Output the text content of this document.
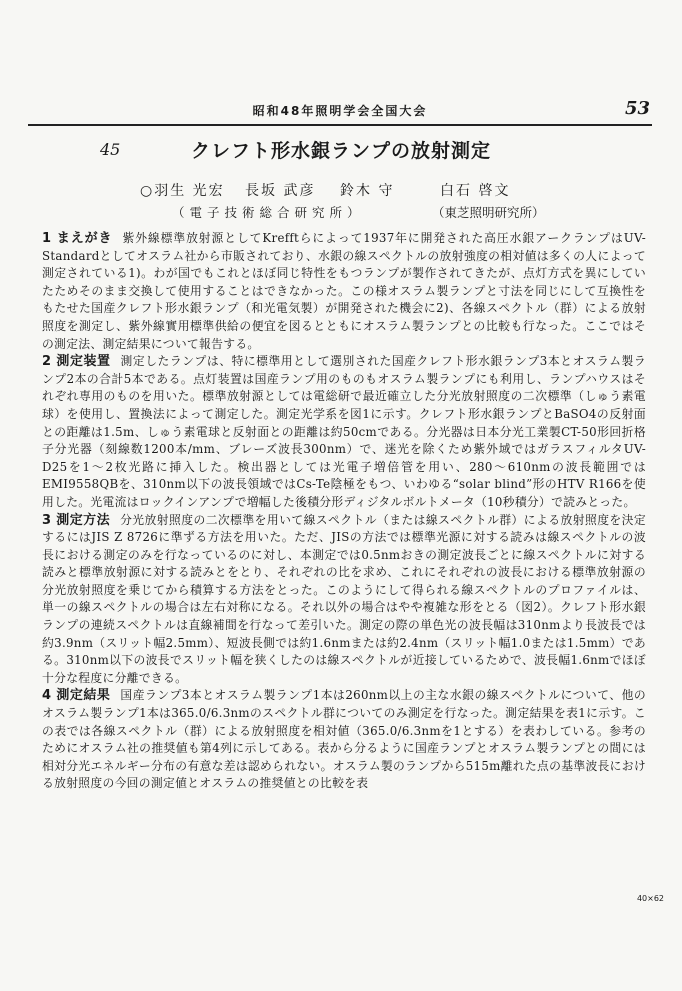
昭和48年照明学会全国大会	53
45	クレフト形水銀ランプの放射測定
○羽生 光宏 長坂 武彦 鈴木 守	白石 啓文
（電子技術総合研究所）	（東芝照明研究所）

1 まえがき 紫外線標準放射源としてKrefftらによって1937年に開発された高圧水銀アークランプはUV-Standardとしてオスラム社から市販されており、水銀の線スペクトルの放射強度の相対値は多くの人によって測定されている1)。わが国でもこれとほぼ同じ特性をもつランプが製作されてきたが、点灯方式を異にしていたためそのまま交換して使用することはできなかった。この様オスラム製ランプと寸法を同じにして互換性をもたせた国産クレフト形水銀ランプ（和光電気製）が開発された機会に2)、各線スペクトル（群）による放射照度を測定し、紫外線實用標準供給の便宜を図るとともにオスラム製ランプとの比較も行なった。ここではその測定法、測定結果について報告する。

2 測定装置 測定したランプは、特に標準用として選別された国産クレフト形水銀ランプ3本とオスラム製ランプ2本の合計5本である。点灯装置は国産ランプ用のものもオスラム製ランプにも利用し、ランプハウスはそれぞれ専用のものを用いた。標準放射源としては電総研で最近確立した分光放射照度の二次標準（しゅう素電球）を使用し、置換法によって測定した。測定光学系を図1に示す。クレフト形水銀ランプとBaSO4の反射面との距離は1.5m、しゅう素電球と反射面との距離は約50cmである。分光器は日本分光工業製CT-50形回折格子分光器（刻線数1200本/mm、ブレーズ波長300nm）で、迷光を除くため紫外域ではガラスフィルタUV-D25を1〜2枚光路に挿入した。検出器としては光電子増倍管を用い、280〜610nmの波長範囲ではEMI9558QBを、310nm以下の波長領域ではCs-Te陰極をもつ、いわゆる“solar blind”形のHTV R166を使用した。光電流はロックインアンプで増幅した後積分形ディジタルボルトメータ（10秒積分）で読みとった。

3 測定方法 分光放射照度の二次標準を用いて線スペクトル（または線スペクトル群）による放射照度を決定するにはJIS Z 8726に準ずる方法を用いた。ただ、JISの方法では標準光源に対する読みは線スペクトルの波長における測定のみを行なっているのに対し、本測定では0.5nmおきの測定波長ごとに線スペクトルに対する読みと標準放射源に対する読みとをとり、それぞれの比を求め、これにそれぞれの波長における標準放射源の分光放射照度を乗じてから積算する方法をとった。このようにして得られる線スペクトルのプロファイルは、単一の線スペクトルの場合は左右対称になる。それ以外の場合はやや複雑な形をとる（図2）。クレフト形水銀ランプの連続スペクトルは直線補間を行なって差引いた。測定の際の単色光の波長幅は310nmより長波長では約3.9nm（スリット幅2.5mm）、短波長側では約1.6nmまたは約2.4nm（スリット幅1.0または1.5mm）である。310nm以下の波長でスリット幅を狭くしたのは線スペクトルが近接しているためで、波長幅1.6nmでほぼ十分な程度に分離できる。

4 測定結果 国産ランプ3本とオスラム製ランプ1本は260nm以上の主な水銀の線スペクトルについて、他のオスラム製ランプ1本は365.0/6.3nmのスペクトル群についてのみ測定を行なった。測定結果を表1に示す。この表では各線スペクトル（群）による放射照度を相対値（365.0/6.3nmを1とする）を表わしている。参考のためにオスラム社の推奨値も第4列に示してある。表から分るように国産ランプとオスラム製ランプとの間には相対分光エネルギー分布の有意な差は認められない。オスラム製のランプから515m離れた点の基準波長における放射照度の今回の測定値とオスラムの推奨値との比較を表

40×62
